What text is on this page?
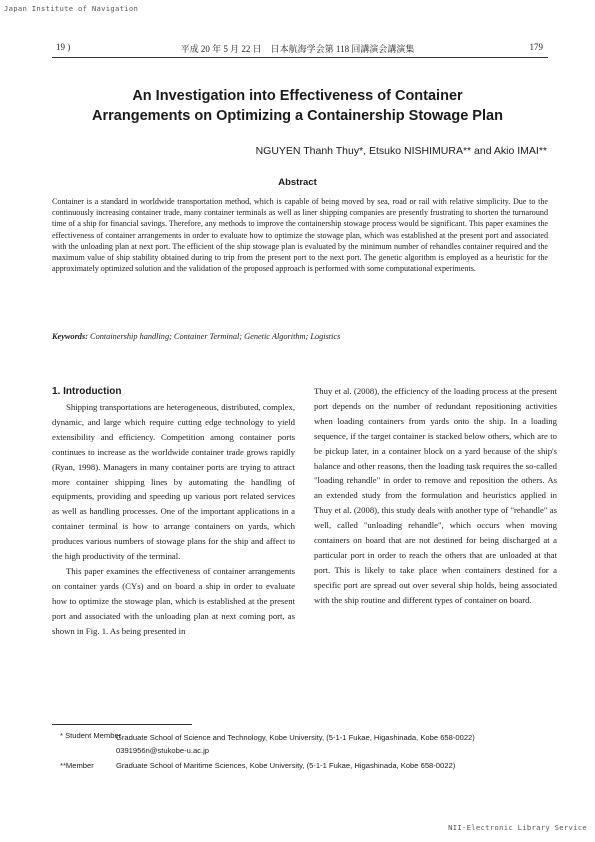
Japan Institute of Navigation
19 )	平成 20 年 5 月 22 日　日本航海学会第 118 回講演会講演集	179
An Investigation into Effectiveness of Container
Arrangements on Optimizing a Containership Stowage Plan
NGUYEN Thanh Thuy*, Etsuko NISHIMURA** and Akio IMAI**
Abstract
Container is a standard in worldwide transportation method, which is capable of being moved by sea, road or rail with relative simplicity. Due to the continuously increasing container trade, many container terminals as well as liner shipping companies are presently frustrating to shorten the turnaround time of a ship for financial savings. Therefore, any methods to improve the containership stowage process would be significant. This paper examines the effectiveness of container arrangements in order to evaluate how to optimize the stowage plan, which was established at the present port and associated with the unloading plan at next port. The efficient of the ship stowage plan is evaluated by the minimum number of rehandles container required and the maximum value of ship stability obtained during to trip from the present port to the next port. The genetic algorithm is employed as a heuristic for the approximately optimized solution and the validation of the proposed approach is performed with some computational experiments.
Keywords: Containership handling; Container Terminal; Genetic Algorithm; Logistics

1. Introduction

Shipping transportations are heterogeneous, distributed, complex, dynamic, and large which require cutting edge technology to yield extensibility and efficiency. Competition among container ports continues to increase as the worldwide container trade grows rapidly (Ryan, 1998). Managers in many container ports are trying to attract more container shipping lines by automating the handling of equipments, providing and speeding up various port related services as well as handling processes. One of the important applications in a container terminal is how to arrange containers on yards, which produces various numbers of stowage plans for the ship and affect to the high productivity of the terminal.

This paper examines the effectiveness of container arrangements on container yards (CYs) and on board a ship in order to evaluate how to optimize the stowage plan, which is established at the present port and associated with the unloading plan at next coming port, as shown in Fig. 1. As being presented in

Thuy et al. (2008), the efficiency of the loading process at the present port depends on the number of redundant repositioning activities when loading containers from yards onto the ship. In a loading sequence, if the target container is stacked below others, which are to be pickup later, in a container block on a yard because of the ship's balance and other reasons, then the loading task requires the so-called "loading rehandle" in order to remove and reposition the others. As an extended study from the formulation and heuristics applied in Thuy et al. (2008), this study deals with another type of "rehandle" as well, called "unloading rehandle", which occurs when moving containers on board that are not destined for being discharged at a particular port in order to reach the others that are unloaded at that port. This is likely to take place when containers destined for a specific port are spread out over several ship holds, being associated with the ship routine and different types of container on board.

* Student Member
Graduate School of Science and Technology, Kobe University, (5-1-1 Fukae, Higashinada, Kobe 658-0022)　0391956n@stukobe-u.ac.jp
**Member	Graduate School of Maritime Sciences, Kobe University, (5-1-1 Fukae, Higashinada, Kobe 658-0022)
NII-Electronic Library Service
